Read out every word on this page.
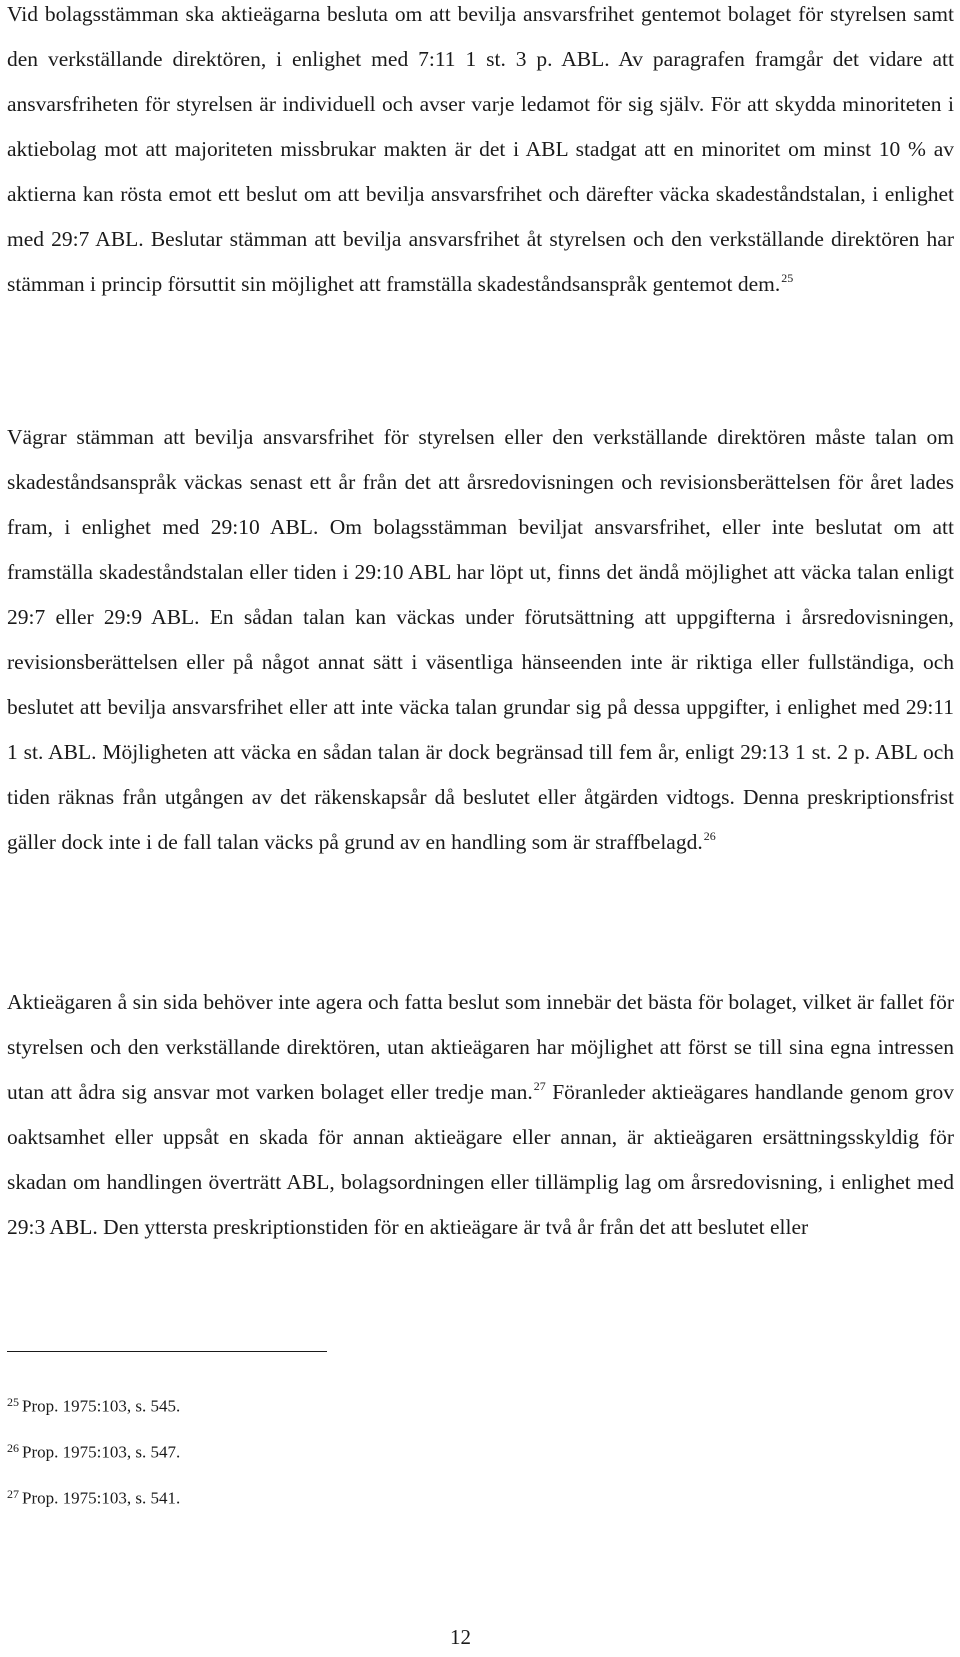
Vid bolagsstämman ska aktieägarna besluta om att bevilja ansvarsfrihet gentemot bolaget för styrelsen samt den verkställande direktören, i enlighet med 7:11 1 st. 3 p. ABL. Av paragrafen framgår det vidare att ansvarsfriheten för styrelsen är individuell och avser varje ledamot för sig själv. För att skydda minoriteten i aktiebolag mot att majoriteten missbrukar makten är det i ABL stadgat att en minoritet om minst 10 % av aktierna kan rösta emot ett beslut om att bevilja ansvarsfrihet och därefter väcka skadeståndstalan, i enlighet med 29:7 ABL. Beslutar stämman att bevilja ansvarsfrihet åt styrelsen och den verkställande direktören har stämman i princip försuttit sin möjlighet att framställa skadeståndsanspråk gentemot dem.$^{25}$

Vägrar stämman att bevilja ansvarsfrihet för styrelsen eller den verkställande direktören måste talan om skadeståndsanspråk väckas senast ett år från det att årsredovisningen och revisionsberättelsen för året lades fram, i enlighet med 29:10 ABL. Om bolagsstämman beviljat ansvarsfrihet, eller inte beslutat om att framställa skadeståndstalan eller tiden i 29:10 ABL har löpt ut, finns det ändå möjlighet att väcka talan enligt 29:7 eller 29:9 ABL. En sådan talan kan väckas under förutsättning att uppgifterna i årsredovisningen, revisionsberättelsen eller på något annat sätt i väsentliga hänseenden inte är riktiga eller fullständiga, och beslutet att bevilja ansvarsfrihet eller att inte väcka talan grundar sig på dessa uppgifter, i enlighet med 29:11 1 st. ABL. Möjligheten att väcka en sådan talan är dock begränsad till fem år, enligt 29:13 1 st. 2 p. ABL och tiden räknas från utgången av det räkenskapsår då beslutet eller åtgärden vidtogs. Denna preskriptionsfrist gäller dock inte i de fall talan väcks på grund av en handling som är straffbelagd.$^{26}$

Aktieägaren å sin sida behöver inte agera och fatta beslut som innebär det bästa för bolaget, vilket är fallet för styrelsen och den verkställande direktören, utan aktieägaren har möjlighet att först se till sina egna intressen utan att ådra sig ansvar mot varken bolaget eller tredje man.$^{27}$ Föranleder aktieägares handlande genom grov oaktsamhet eller uppsåt en skada för annan aktieägare eller annan, är aktieägaren ersättningsskyldig för skadan om handlingen överträtt ABL, bolagsordningen eller tillämplig lag om årsredovisning, i enlighet med 29:3 ABL. Den yttersta preskriptionstiden för en aktieägare är två år från det att beslutet eller

$^{25}$ Prop. 1975:103, s. 545.
$^{26}$ Prop. 1975:103, s. 547.
$^{27}$ Prop. 1975:103, s. 541.
12
